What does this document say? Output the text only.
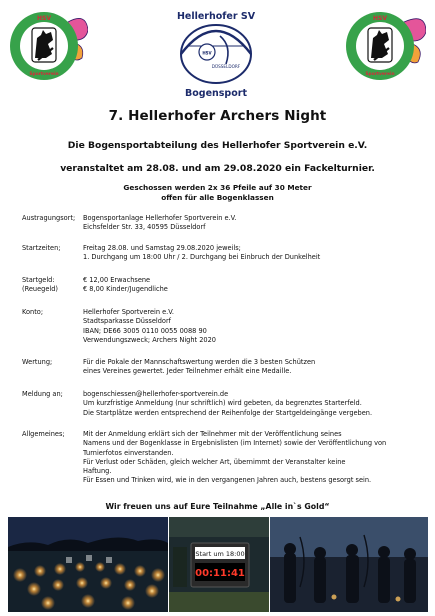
HSV
Sportverein
Hellerhofer SV
HSV
DÜSSELDORF
Bogensport
HSV
Sportverein
7. Hellerhofer Archers Night

Die Bogensportabteilung des Hellerhofer Sportverein e.V.

veranstaltet am 28.08. und am 29.08.2020 ein Fackelturnier.

Geschossen werden 2x 36 Pfeile auf 30 Meter
offen für alle Bogenklassen
Austragungsort;	Bogensportanlage Hellerhofer Sportverein e.V.
Eichsfelder Str. 33, 40595 Düsseldorf
Startzeiten;	Freitag 28.08. und Samstag 29.08.2020 jeweils;
1. Durchgang um 18:00 Uhr / 2. Durchgang bei Einbruch der Dunkelheit
Startgeld:
(Reuegeld)
€ 12,00 Erwachsene
€ 8,00 Kinder/Jugendliche
Konto;	Hellerhofer Sportverein e.V.
Stadtsparkasse Düsseldorf
IBAN; DE66 3005 0110 0055 0088 90
Verwendungszweck; Archers Night 2020
Wertung;	Für die Pokale der Mannschaftswertung werden die 3 besten Schützen
eines Vereines gewertet. Jeder Teilnehmer erhält eine Medaille.
Meldung an;	bogenschiessen@hellerhofer-sportverein.de
Um kurzfristige Anmeldung (nur schriftlich) wird gebeten, da begrenztes Starterfeld.
Die Startplätze werden entsprechend der Reihenfolge der Startgeldeingänge vergeben.
Allgemeines;	Mit der Anmeldung erklärt sich der Teilnehmer mit der Veröffentlichung seines
Namens und der Bogenklasse in Ergebnislisten (im Internet) sowie der Veröffentlichung von
Turnierfotos einverstanden.
Für Verlust oder Schäden, gleich welcher Art, übernimmt der Veranstalter keine
Haftung.
Für Essen und Trinken wird, wie in den vergangenen Jahren auch, bestens gesorgt sein.
Wir freuen uns auf Eure Teilnahme „Alle in`s Gold“
Start um 18:00
00:11:41
